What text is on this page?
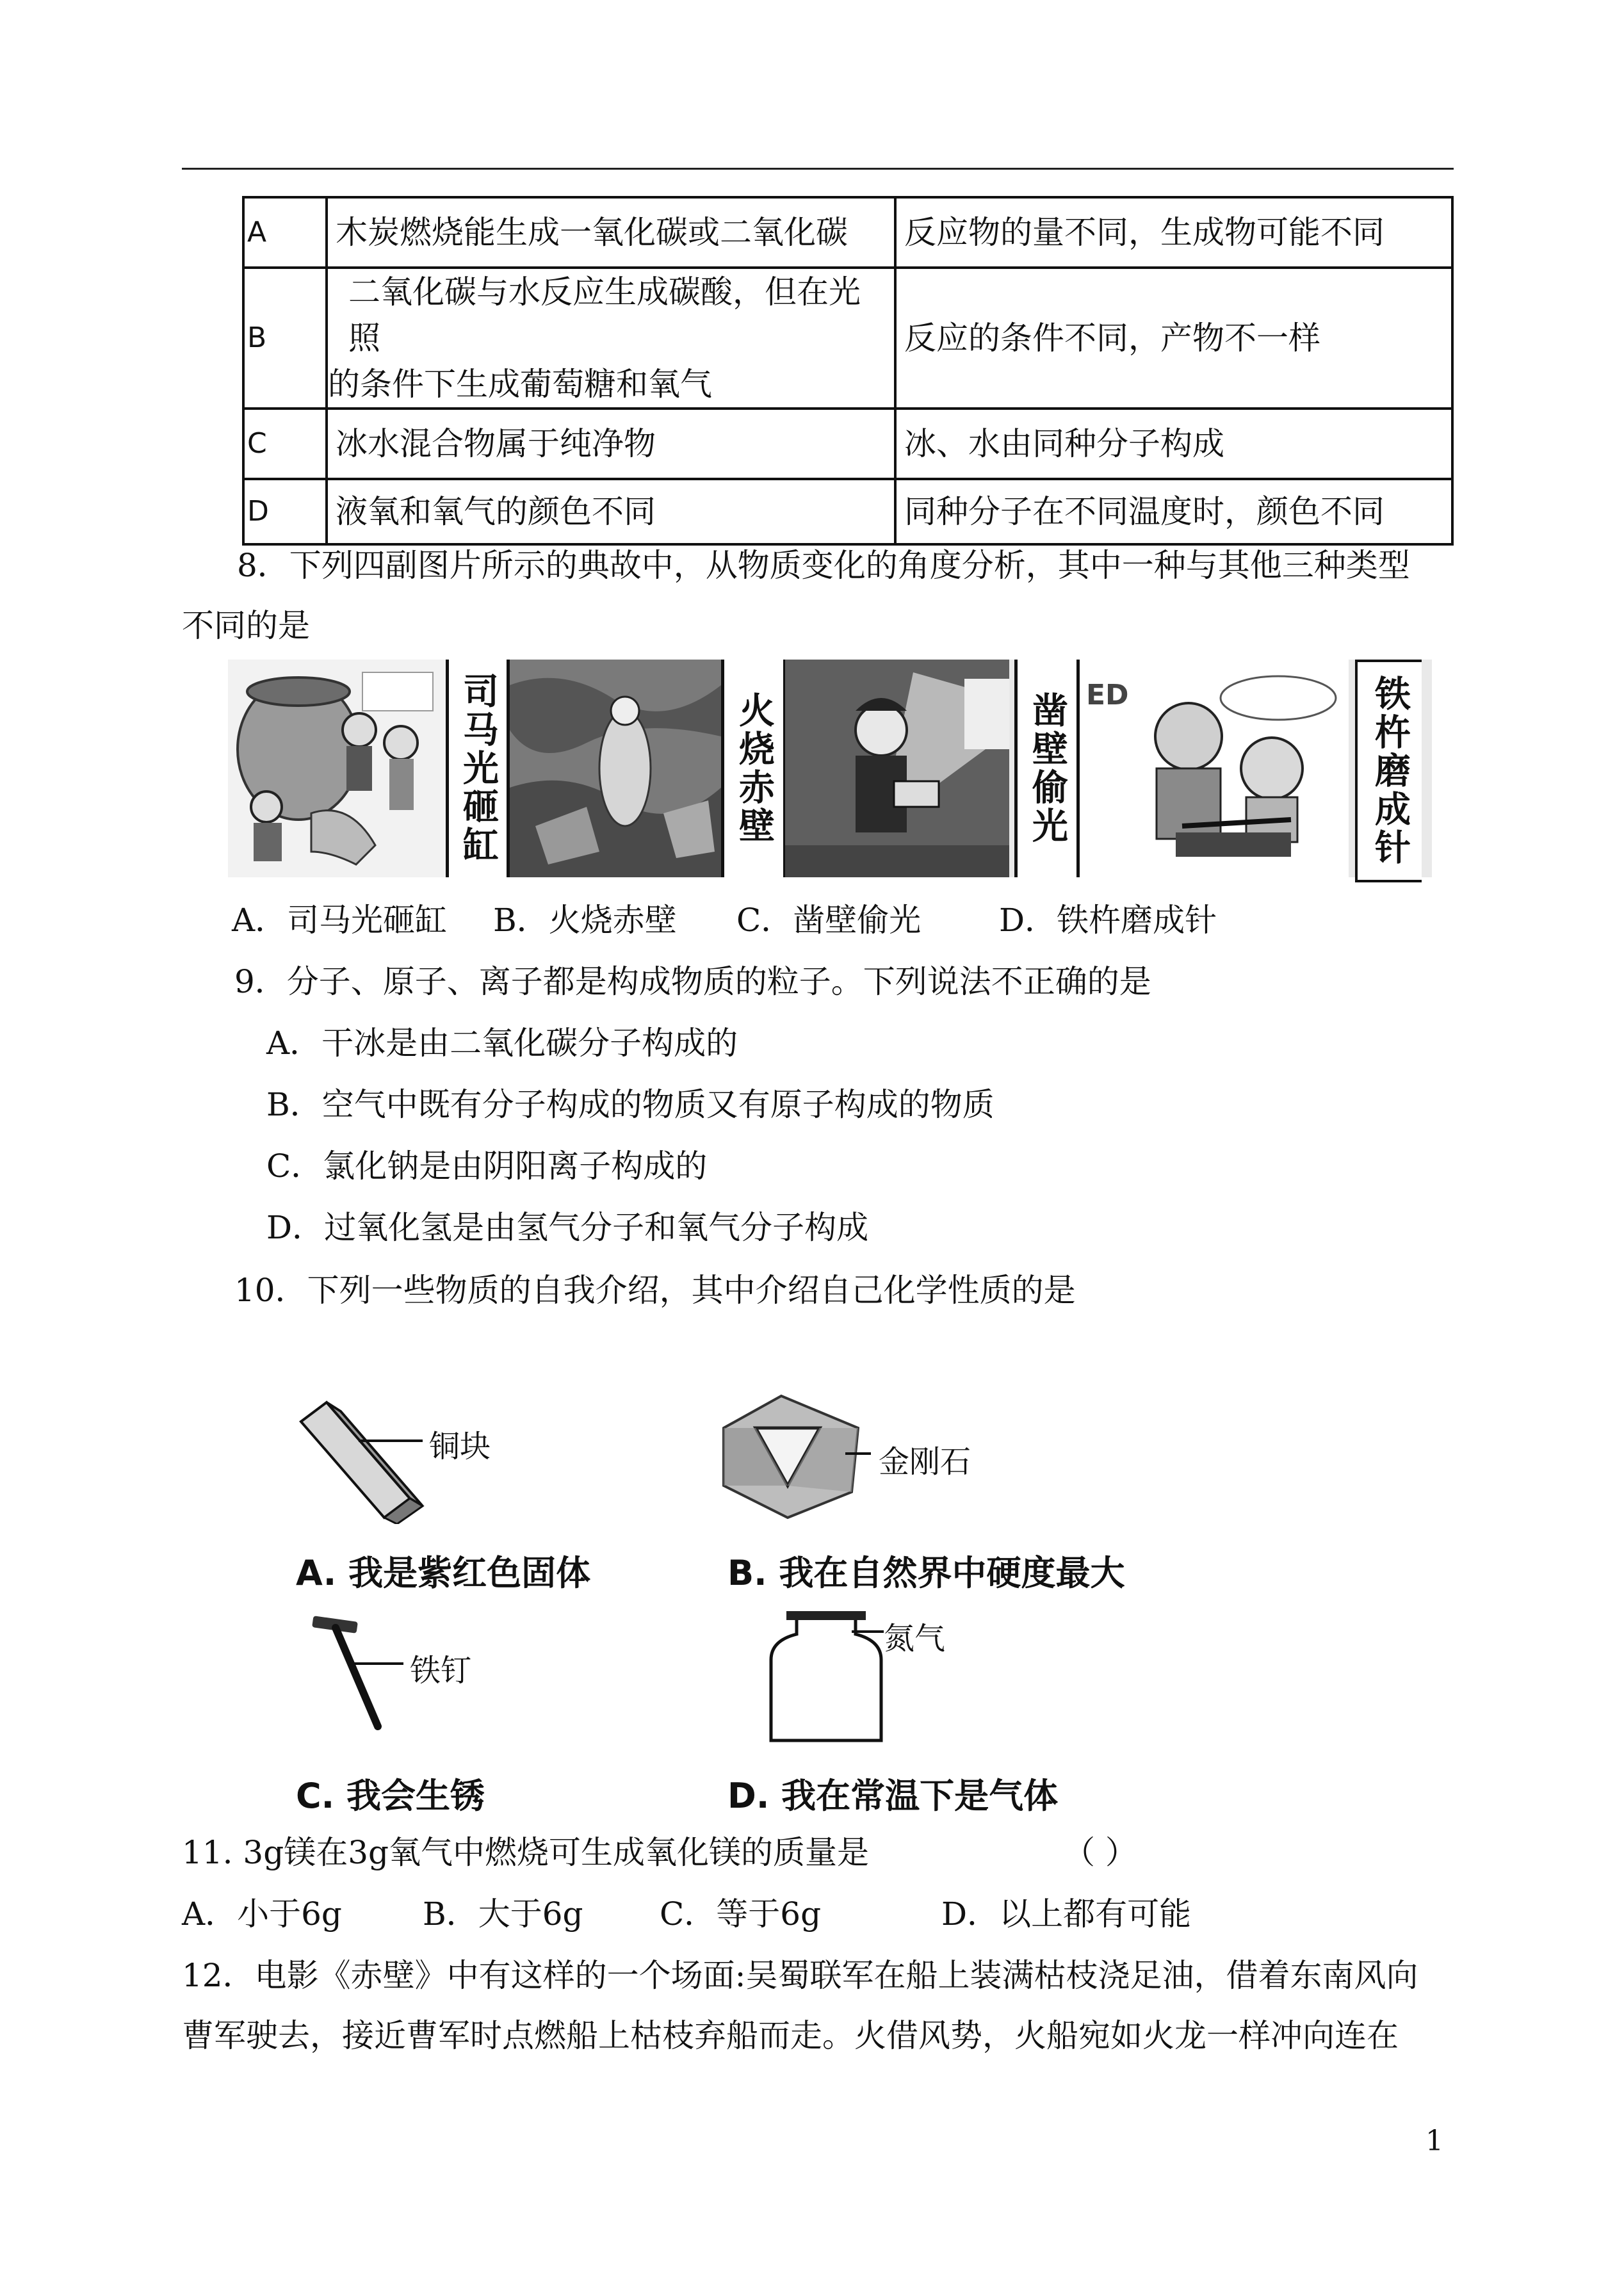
A	木炭燃烧能生成一氧化碳或二氧化碳	反应物的量不同，生成物可能不同
B	二氧化碳与水反应生成碳酸，但在光照
的条件下生成葡萄糖和氧气	反应的条件不同，产物不一样
C	冰水混合物属于纯净物	冰、水由同种分子构成
D	液氧和氧气的颜色不同	同种分子在不同温度时，颜色不同
8．下列四副图片所示的典故中，从物质变化的角度分析，其中一种与其他三种类型
不同的是
司马光砸缸	火烧赤壁	凿壁偷光 ED	铁杵磨成针
A．司马光砸缸 B．火烧赤壁 C．凿壁偷光 D．铁杵磨成针
9．分子、原子、离子都是构成物质的粒子。下列说法不正确的是
A．干冰是由二氧化碳分子构成的
B．空气中既有分子构成的物质又有原子构成的物质
C．氯化钠是由阴阳离子构成的
D．过氧化氢是由氢气分子和氧气分子构成
10．下列一些物质的自我介绍，其中介绍自己化学性质的是
铜块
A. 我是紫红色固体
金刚石
B. 我在自然界中硬度最大
铁钉
C. 我会生锈
氮气
D. 我在常温下是气体
11. 3g镁在3g氧气中燃烧可生成氧化镁的质量是	（ ）
A．小于6g	B．大于6g C．等于6g	D．以上都有可能
12．电影《赤壁》中有这样的一个场面:吴蜀联军在船上装满枯枝浇足油，借着东南风向
曹军驶去，接近曹军时点燃船上枯枝弃船而走。火借风势，火船宛如火龙一样冲向连在
1
